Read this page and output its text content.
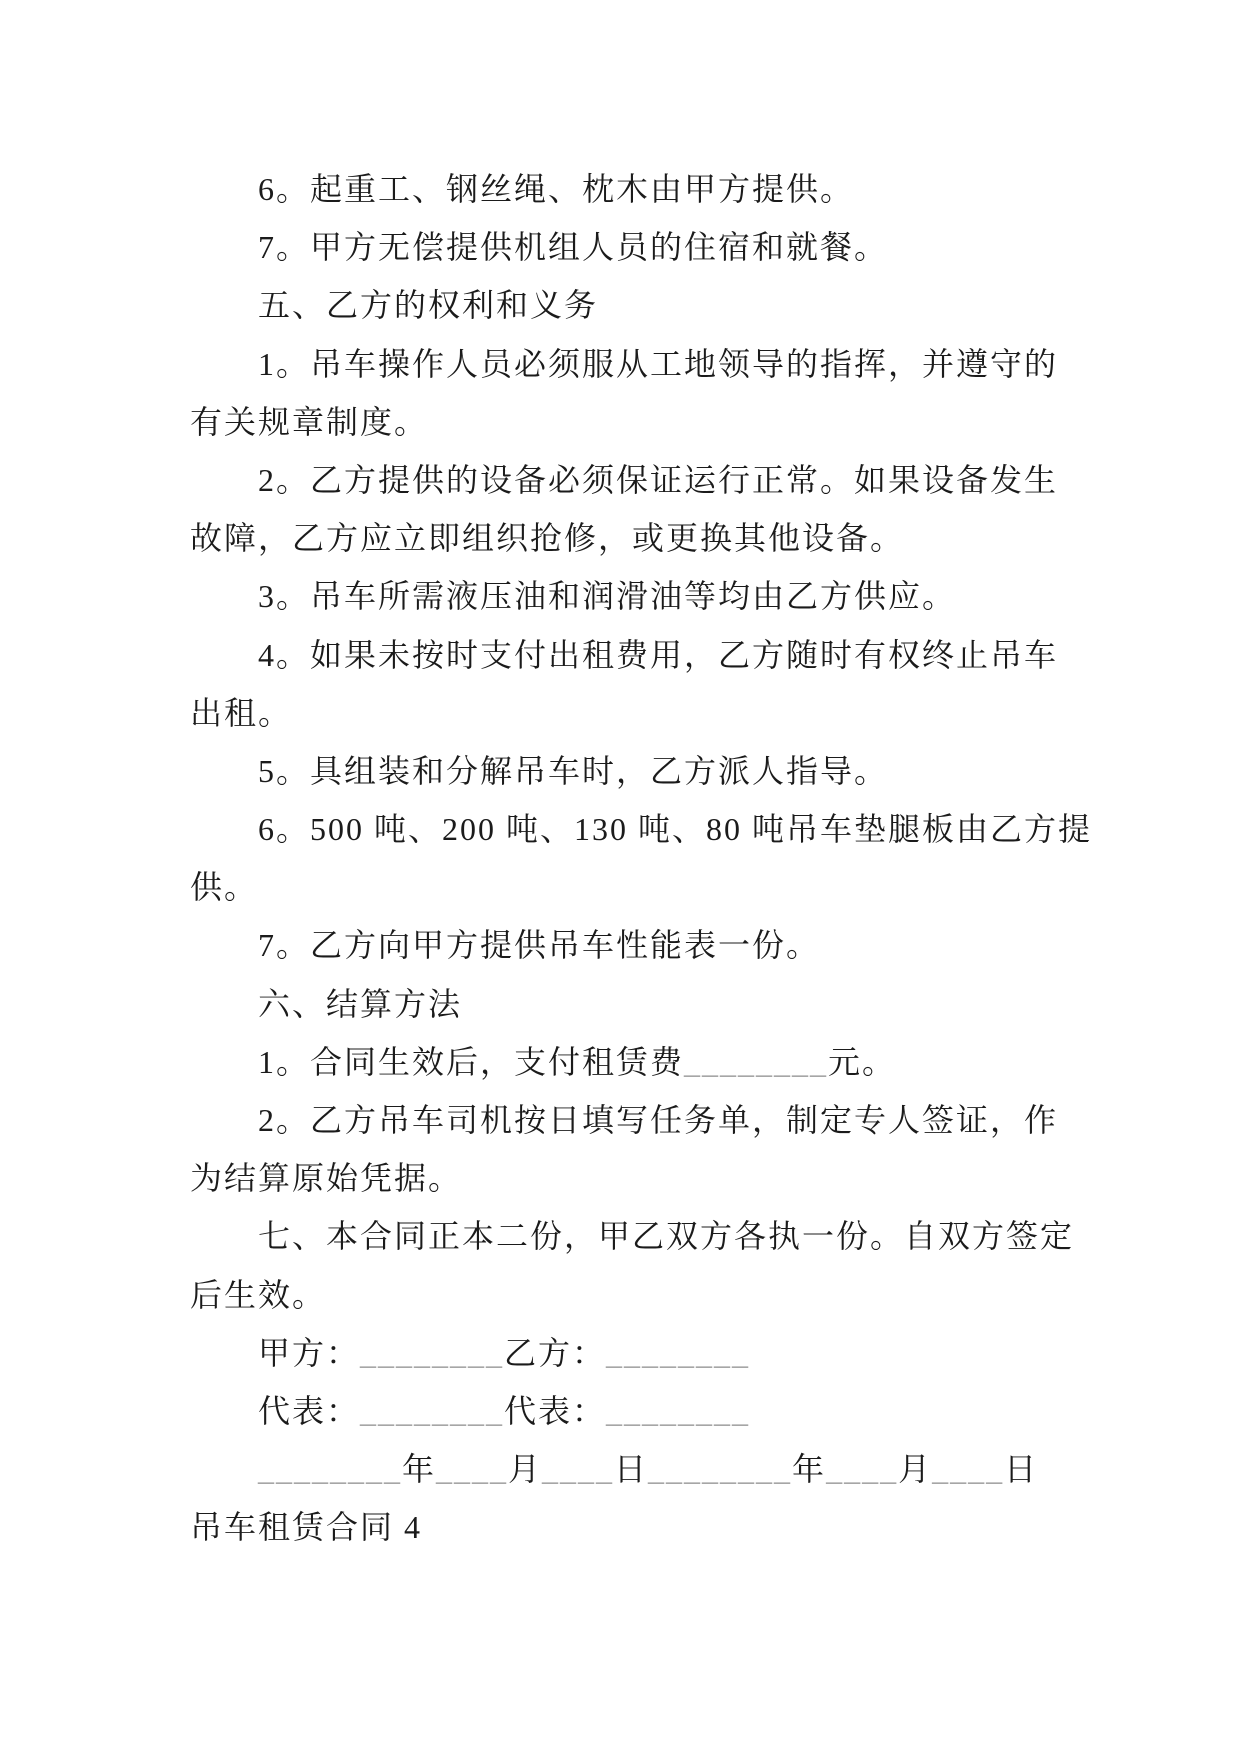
6。起重工、钢丝绳、枕木由甲方提供。
7。甲方无偿提供机组人员的住宿和就餐。
五、乙方的权利和义务
1。吊车操作人员必须服从工地领导的指挥，并遵守的
有关规章制度。
2。乙方提供的设备必须保证运行正常。如果设备发生
故障，乙方应立即组织抢修，或更换其他设备。
3。吊车所需液压油和润滑油等均由乙方供应。
4。如果未按时支付出租费用，乙方随时有权终止吊车
出租。
5。具组装和分解吊车时，乙方派人指导。
6。500 吨、200 吨、130 吨、80 吨吊车垫腿板由乙方提
供。
7。乙方向甲方提供吊车性能表一份。
六、结算方法
1。合同生效后，支付租赁费________元。
2。乙方吊车司机按日填写任务单，制定专人签证，作
为结算原始凭据。
七、本合同正本二份，甲乙双方各执一份。自双方签定
后生效。
甲方：________乙方：________
代表：________代表：________
________年____月____日________年____月____日
吊车租赁合同 4
